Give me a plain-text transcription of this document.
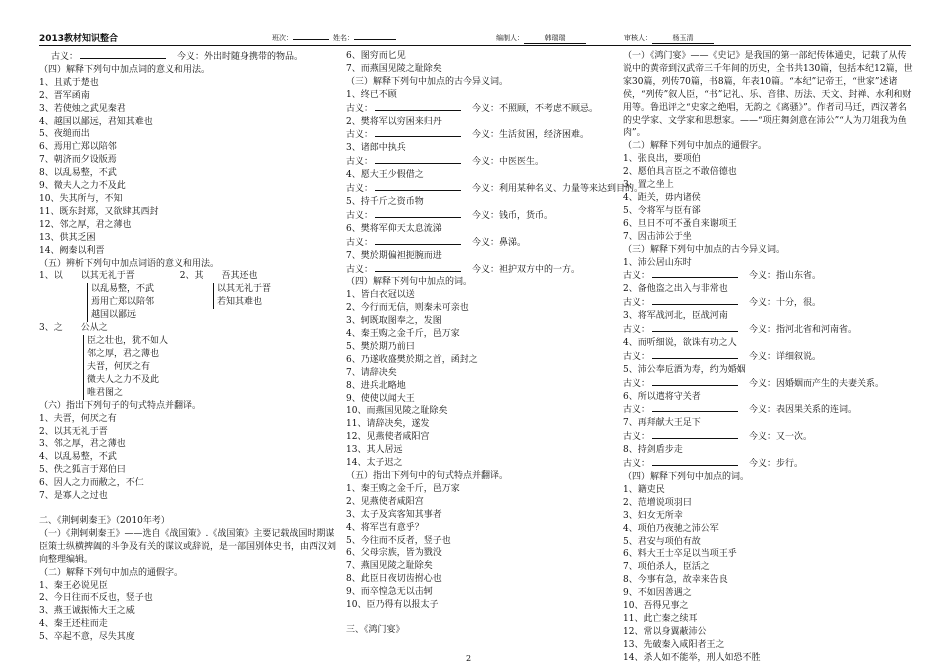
2013教材知识整合	班次：	姓名：	编制人：	韩瑞瑞	审核人：	杨玉清
古义：　	今义：外出时随身携带的物品。
（四）解释下列句中加点词的意义和用法。
1、且贰于楚也
2、晋军函南
3、若使烛之武见秦君
4、越国以鄙远，君知其难也
5、夜缒而出
6、焉用亡郑以陪邻
7、朝济而夕设版焉
8、以乱易整，不武
9、微夫人之力不及此
10、失其所与，不知
11、既东封郑，又欲肆其西封
12、邻之厚，君之薄也
13、供其乏困
14、阙秦以利晋
（五）辨析下列句中加点词语的意义和用法。
1、以　　以其无礼于晋　　　　　2、其　　吾其还也
以乱易整，不武
焉用亡郑以陪邻
越国以鄙远
以其无礼于晋
若知其难也
3、之　　公从之
臣之壮也，犹不如人
邻之厚，君之薄也
夫晋，何厌之有
微夫人之力不及此
唯君图之
（六）指出下列句子的句式特点并翻译。
1、夫晋，何厌之有
2、以其无礼于晋
3、邻之厚，君之薄也
4、以乱易整，不武
5、佚之狐言于郑伯曰
6、因人之力而敝之，不仁
7、是寡人之过也
二、《荆轲刺秦王》（2010年考）
（一）《荆轲刺秦王》——选自《战国策》.《战国策》主要记载战国时期谋臣策士纵横捭阖的斗争及有关的谋议或辞说，是一部国别体史书，由西汉刘向整理编辑。
（二）解释下列句中加点的通假字。
1、秦王必说见臣
2、今日往而不反也，竖子也
3、燕王诚振怖大王之威
4、秦王还柱而走
5、卒起不意，尽失其度
6、图穷而匕见
7、而燕国见陵之耻除矣
（三）解释下列句中加点的古今异义词。
1、终已不顾
古义：　	今义：不照顾，不考虑不顾忌。
2、樊将军以穷困来归丹
古义：　	今义：生活贫困，经济困难。
3、诸郎中执兵
古义：　	今义：中医医生。
4、愿大王少假借之
古义：　	今义：利用某种名义、力量等来达到目的。
5、持千斤之资币物
古义：　	今义：钱币，货币。
6、樊将军仰天太息流涕
古义：　	今义：鼻涕。
7、樊於期偏袒扼腕而进
古义：　	今义：袒护双方中的一方。
（四）解释下列句中加点的词。
1、皆白衣冠以送
2、今行而无信，则秦未可亲也
3、轲既取图奉之，发图
4、秦王购之金千斤，邑万家
5、樊於期乃前曰
6、乃遂收盛樊於期之首，函封之
7、请辞决矣
8、进兵北略地
9、使使以闻大王
10、而燕国见陵之耻除矣
11、请辞决矣，遂发
12、见燕使者咸阳宫
13、其人居远
14、太子迟之
（五）指出下列句中的句式特点并翻译。
1、秦王购之金千斤，邑万家
2、见燕使者咸阳宫
3、太子及宾客知其事者
4、将军岂有意乎？
5、今往而不反者，竖子也
6、父母宗族，皆为戮没
7、燕国见陵之耻除矣
8、此臣日夜切齿拊心也
9、而卒惶急无以击轲
10、臣乃得有以报太子
三、《鸿门宴》
（一）《鸿门宴》——《史记》是我国的第一部纪传体通史，记载了从传说中的黄帝到汉武帝三千年间的历史，全书共130篇，包括本纪12篇，世家30篇，列传70篇，书8篇，年表10篇。“本纪”记帝王，“世家”述诸侯，“列传”叙人臣，“书”记礼、乐、音律、历法、天文、封禅、水利和财用等。鲁迅评之“史家之绝唱，无韵之《离骚》”。作者司马迁，西汉著名的史学家、文学家和思想家。——“项庄舞剑意在沛公”“人为刀俎我为鱼肉”。
（二）解释下列句中加点的通假字。
1、张良出，要项伯
2、愿伯具言臣之不敢倍德也
3、置之坐上
4、距关，毋内诸侯
5、令将军与臣有郤
6、旦日不可不蚤自来谢项王
7、因击沛公于坐
（三）解释下列句中加点的古今异义词。
1、沛公居山东时
古义：　	今义：指山东省。
2、备他盗之出入与非常也
古义：　	今义：十分，很。
3、将军战河北，臣战河南
古义：　	今义：指河北省和河南省。
4、而听细说，欲诛有功之人
古义：　	今义：详细叙说。
5、沛公奉卮酒为寿，约为婚姻
古义：　	今义：因婚姻而产生的夫妻关系。
6、所以遣将守关者
古义：　	今义：表因果关系的连词。
7、再拜献大王足下
古义：　	今义：又一次。
8、持剑盾步走
古义：　	今义：步行。
（四）解释下列句中加点的词。
1、籍吏民
2、范增说项羽曰
3、妇女无所幸
4、项伯乃夜驰之沛公军
5、君安与项伯有故
6、料大王士卒足以当项王乎
7、项伯杀人，臣活之
8、今事有急，故幸来告良
9、不如因善遇之
10、吾得兄事之
11、此亡秦之续耳
12、常以身翼蔽沛公
13、先破秦入咸阳者王之
14、杀人如不能举，刑人如恐不胜
2
